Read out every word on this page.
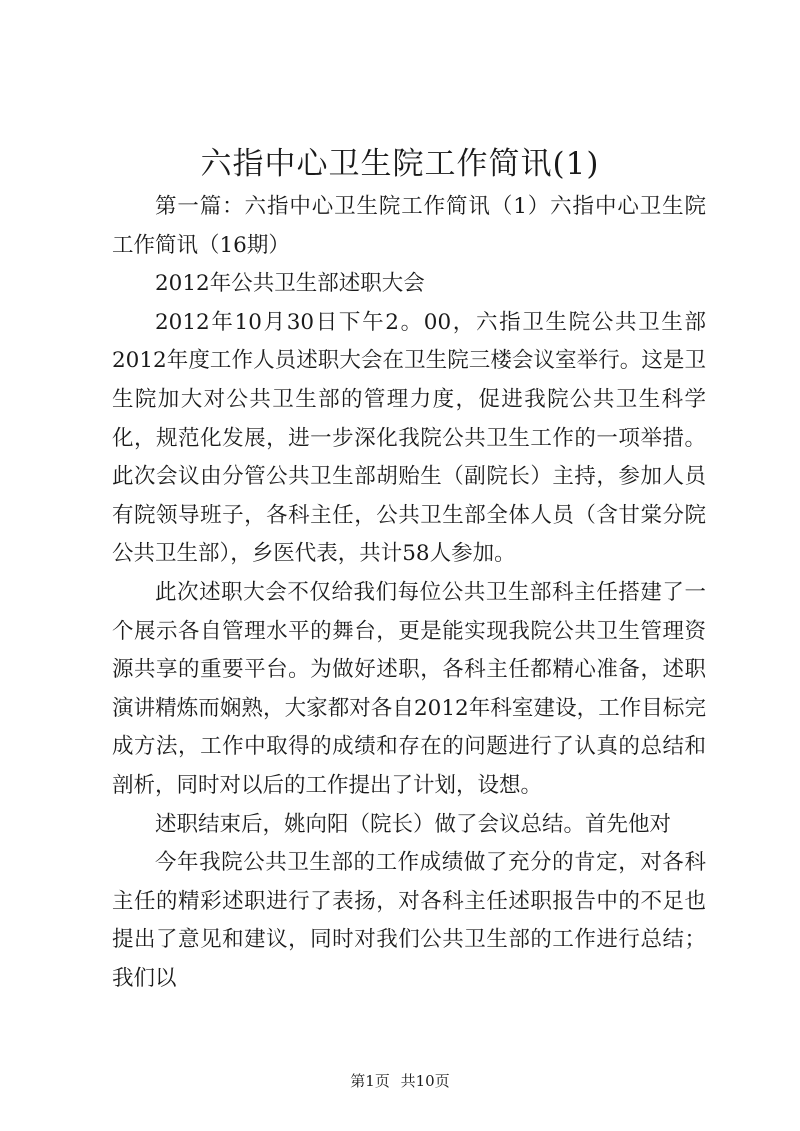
六指中心卫生院工作简讯(1)

第一篇：六指中心卫生院工作简讯（1）六指中心卫生院工作简讯（16期）

2012年公共卫生部述职大会

2012年10月30日下午2。00，六指卫生院公共卫生部2012年度工作人员述职大会在卫生院三楼会议室举行。这是卫生院加大对公共卫生部的管理力度，促进我院公共卫生科学化，规范化发展，进一步深化我院公共卫生工作的一项举措。此次会议由分管公共卫生部胡贻生（副院长）主持，参加人员有院领导班子，各科主任，公共卫生部全体人员（含甘棠分院公共卫生部），乡医代表，共计58人参加。

此次述职大会不仅给我们每位公共卫生部科主任搭建了一个展示各自管理水平的舞台，更是能实现我院公共卫生管理资源共享的重要平台。为做好述职，各科主任都精心准备，述职演讲精炼而娴熟，大家都对各自2012年科室建设，工作目标完成方法，工作中取得的成绩和存在的问题进行了认真的总结和剖析，同时对以后的工作提出了计划，设想。

述职结束后，姚向阳（院长）做了会议总结。首先他对

今年我院公共卫生部的工作成绩做了充分的肯定，对各科主任的精彩述职进行了表扬，对各科主任述职报告中的不足也提出了意见和建议，同时对我们公共卫生部的工作进行总结；我们以

第1页 共10页
